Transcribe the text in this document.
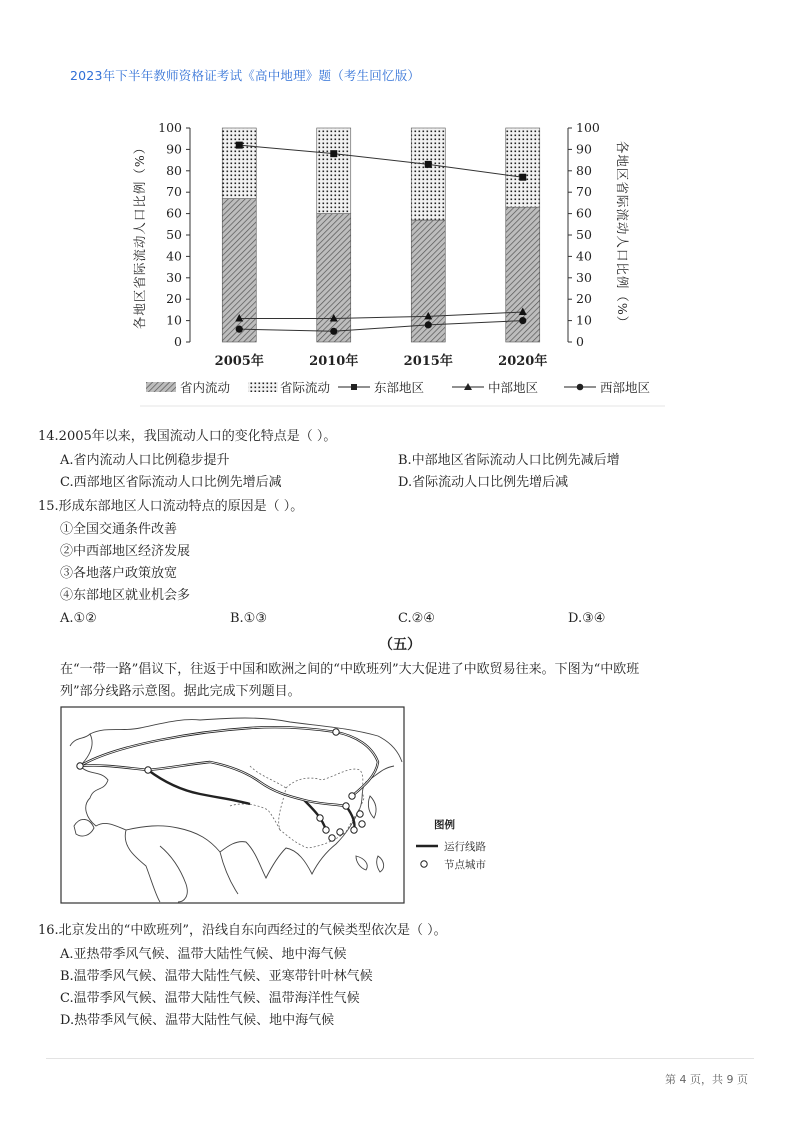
2023年下半年教师资格证考试《高中地理》题（考生回忆版）
0
10
20
30
40
50
60
70
80
90
100
0
10
20
30
40
50
60
70
80
90
100
2005年	2010年	2015年	2020年
各地区省际流动人口比例（%）	各地区省际流动人口比例（%）
省内流动	省际流动	东部地区	中部地区	西部地区
14.2005年以来，我国流动人口的变化特点是（ ）。
A.省内流动人口比例稳步提升	B.中部地区省际流动人口比例先减后增
C.西部地区省际流动人口比例先增后减	D.省际流动人口比例先增后减
15.形成东部地区人口流动特点的原因是（ ）。
①全国交通条件改善
②中西部地区经济发展
③各地落户政策放宽
④东部地区就业机会多
A.①②	B.①③	C.②④	D.③④
（五）
在“一带一路”倡议下，往返于中国和欧洲之间的“中欧班列”大大促进了中欧贸易往来。下图为“中欧班
列”部分线路示意图。据此完成下列题目。
图例
运行线路
节点城市
16.北京发出的“中欧班列”，沿线自东向西经过的气候类型依次是（ ）。
A.亚热带季风气候、温带大陆性气候、地中海气候
B.温带季风气候、温带大陆性气候、亚寒带针叶林气候
C.温带季风气候、温带大陆性气候、温带海洋性气候
D.热带季风气候、温带大陆性气候、地中海气候
第 4 页，共 9 页
